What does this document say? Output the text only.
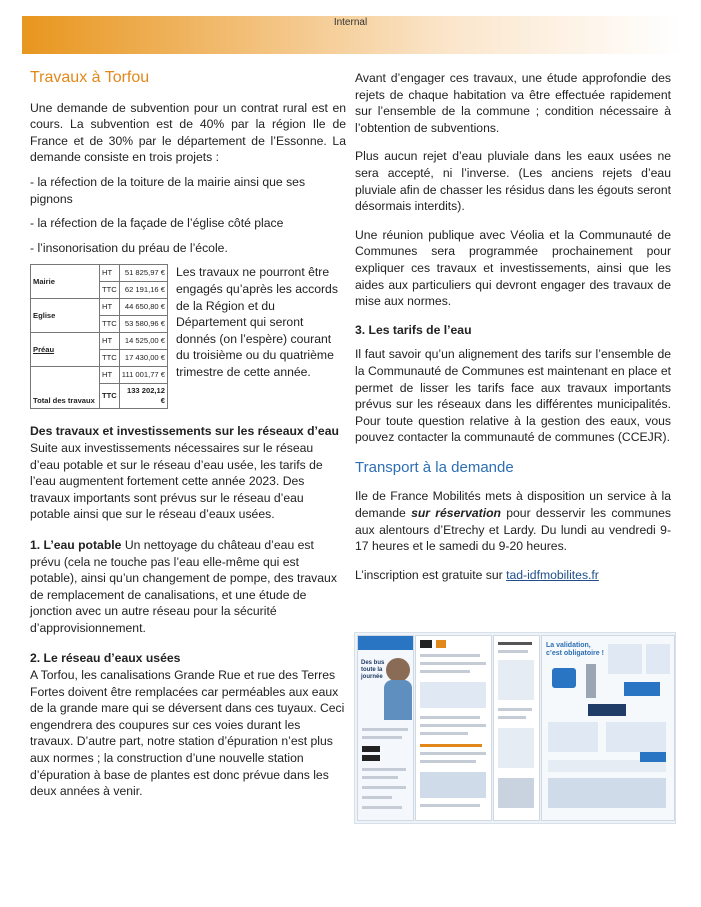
Internal
Travaux à Torfou

Une demande de subvention pour un contrat rural est en cours. La subvention est de 40% par la région Ile de France et de 30% par le département de l’Essonne. La demande consiste en trois projets :

- la réfection de la toiture de la mairie ainsi que ses pignons

- la réfection de la façade de l’église côté place

- l’insonorisation du préau de l’école.

Mairie	HT	51 825,97 €
	TTC	62 191,16 €
Eglise	HT	44 650,80 €
	TTC	53 580,96 €
Préau	HT	14 525,00 €
	TTC	17 430,00 €
Total des travaux	HT	111 001,77 €
	TTC	133 202,12 €
Les travaux ne pourront être engagés qu’après les accords de la Région et du Département qui seront donnés (on l’espère) courant du troisième ou du quatrième trimestre de cette année.

Des travaux et investissements sur les réseaux d’eau

Suite aux investissements nécessaires sur le réseau d’eau potable et sur le réseau d’eau usée, les tarifs de l’eau augmentent fortement cette année 2023. Des travaux importants sont prévus sur le réseau d’eau potable ainsi que sur le réseau d’eaux usées.

1. L’eau potable Un nettoyage du château d’eau est prévu (cela ne touche pas l’eau elle-même qui est potable), ainsi qu’un changement de pompe, des travaux de remplacement de canalisations, et une étude de jonction avec un autre réseau pour la sécurité d’approvisionnement.

2. Le réseau d’eaux usées

A Torfou, les canalisations Grande Rue et rue des Terres Fortes doivent être remplacées car perméables aux eaux de la grande mare qui se déversent dans ces tuyaux. Ceci engendrera des coupures sur ces voies durant les travaux. D’autre part, notre station d’épuration n’est plus aux normes ; la construction d’une nouvelle station d’épuration à base de plantes est donc prévue dans les deux années à venir.

Avant d’engager ces travaux, une étude approfondie des rejets de chaque habitation va être effectuée rapidement sur l’ensemble de la commune ; condition nécessaire à l’obtention de subventions.

Plus aucun rejet d’eau pluviale dans les eaux usées ne sera accepté, ni l’inverse. (Les anciens rejets d’eau pluviale afin de chasser les résidus dans les égouts seront désormais interdits).

Une réunion publique avec Véolia et la Communauté de Communes sera programmée prochainement pour expliquer ces travaux et investissements, ainsi que les aides aux particuliers qui devront engager des travaux de mise aux normes.

3. Les tarifs de l’eau

Il faut savoir qu’un alignement des tarifs sur l’ensemble de la Communauté de Communes est maintenant en place et permet de lisser les tarifs face aux travaux importants prévus sur les réseaux dans les différentes municipalités. Pour toute question relative à la gestion des eaux, vous pouvez contacter la communauté de communes (CCEJR).

Transport à la demande

Ile de France Mobilités mets à disposition un service à la demande sur réservation pour desservir les communes aux alentours d’Etrechy et Lardy. Du lundi au vendredi 9-17 heures et le samedi du 9-20 heures.

L’inscription est gratuite sur tad-idfmobilites.fr

Des bus toute la journée
La validation, c’est obligatoire !
